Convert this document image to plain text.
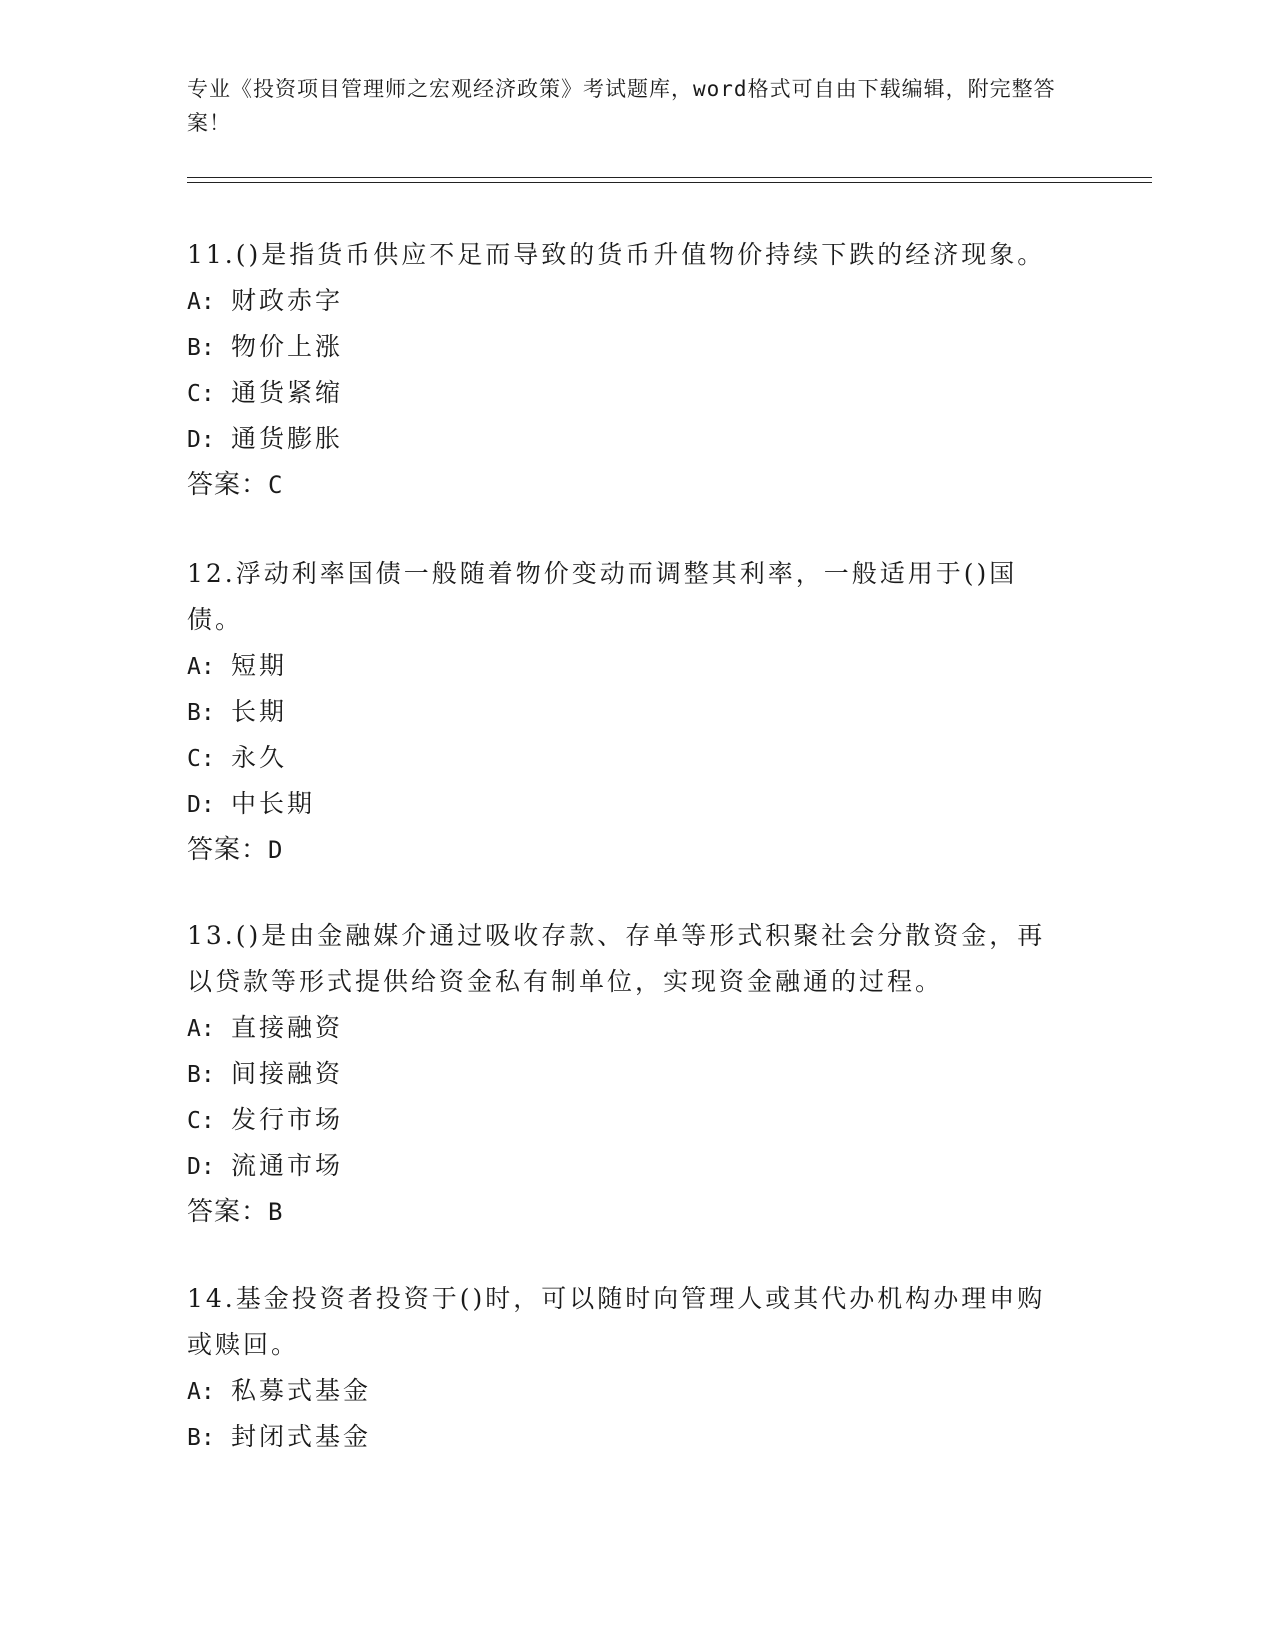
专业《投资项目管理师之宏观经济政策》考试题库，word格式可自由下载编辑，附完整答案！
11.()是指货币供应不足而导致的货币升值物价持续下跌的经济现象。
A: 财政赤字
B: 物价上涨
C: 通货紧缩
D: 通货膨胀
答案：C
12.浮动利率国债一般随着物价变动而调整其利率，一般适用于()国债。
A: 短期
B: 长期
C: 永久
D: 中长期
答案：D
13.()是由金融媒介通过吸收存款、存单等形式积聚社会分散资金，再以贷款等形式提供给资金私有制单位，实现资金融通的过程。
A: 直接融资
B: 间接融资
C: 发行市场
D: 流通市场
答案：B
14.基金投资者投资于()时，可以随时向管理人或其代办机构办理申购或赎回。
A: 私募式基金
B: 封闭式基金
